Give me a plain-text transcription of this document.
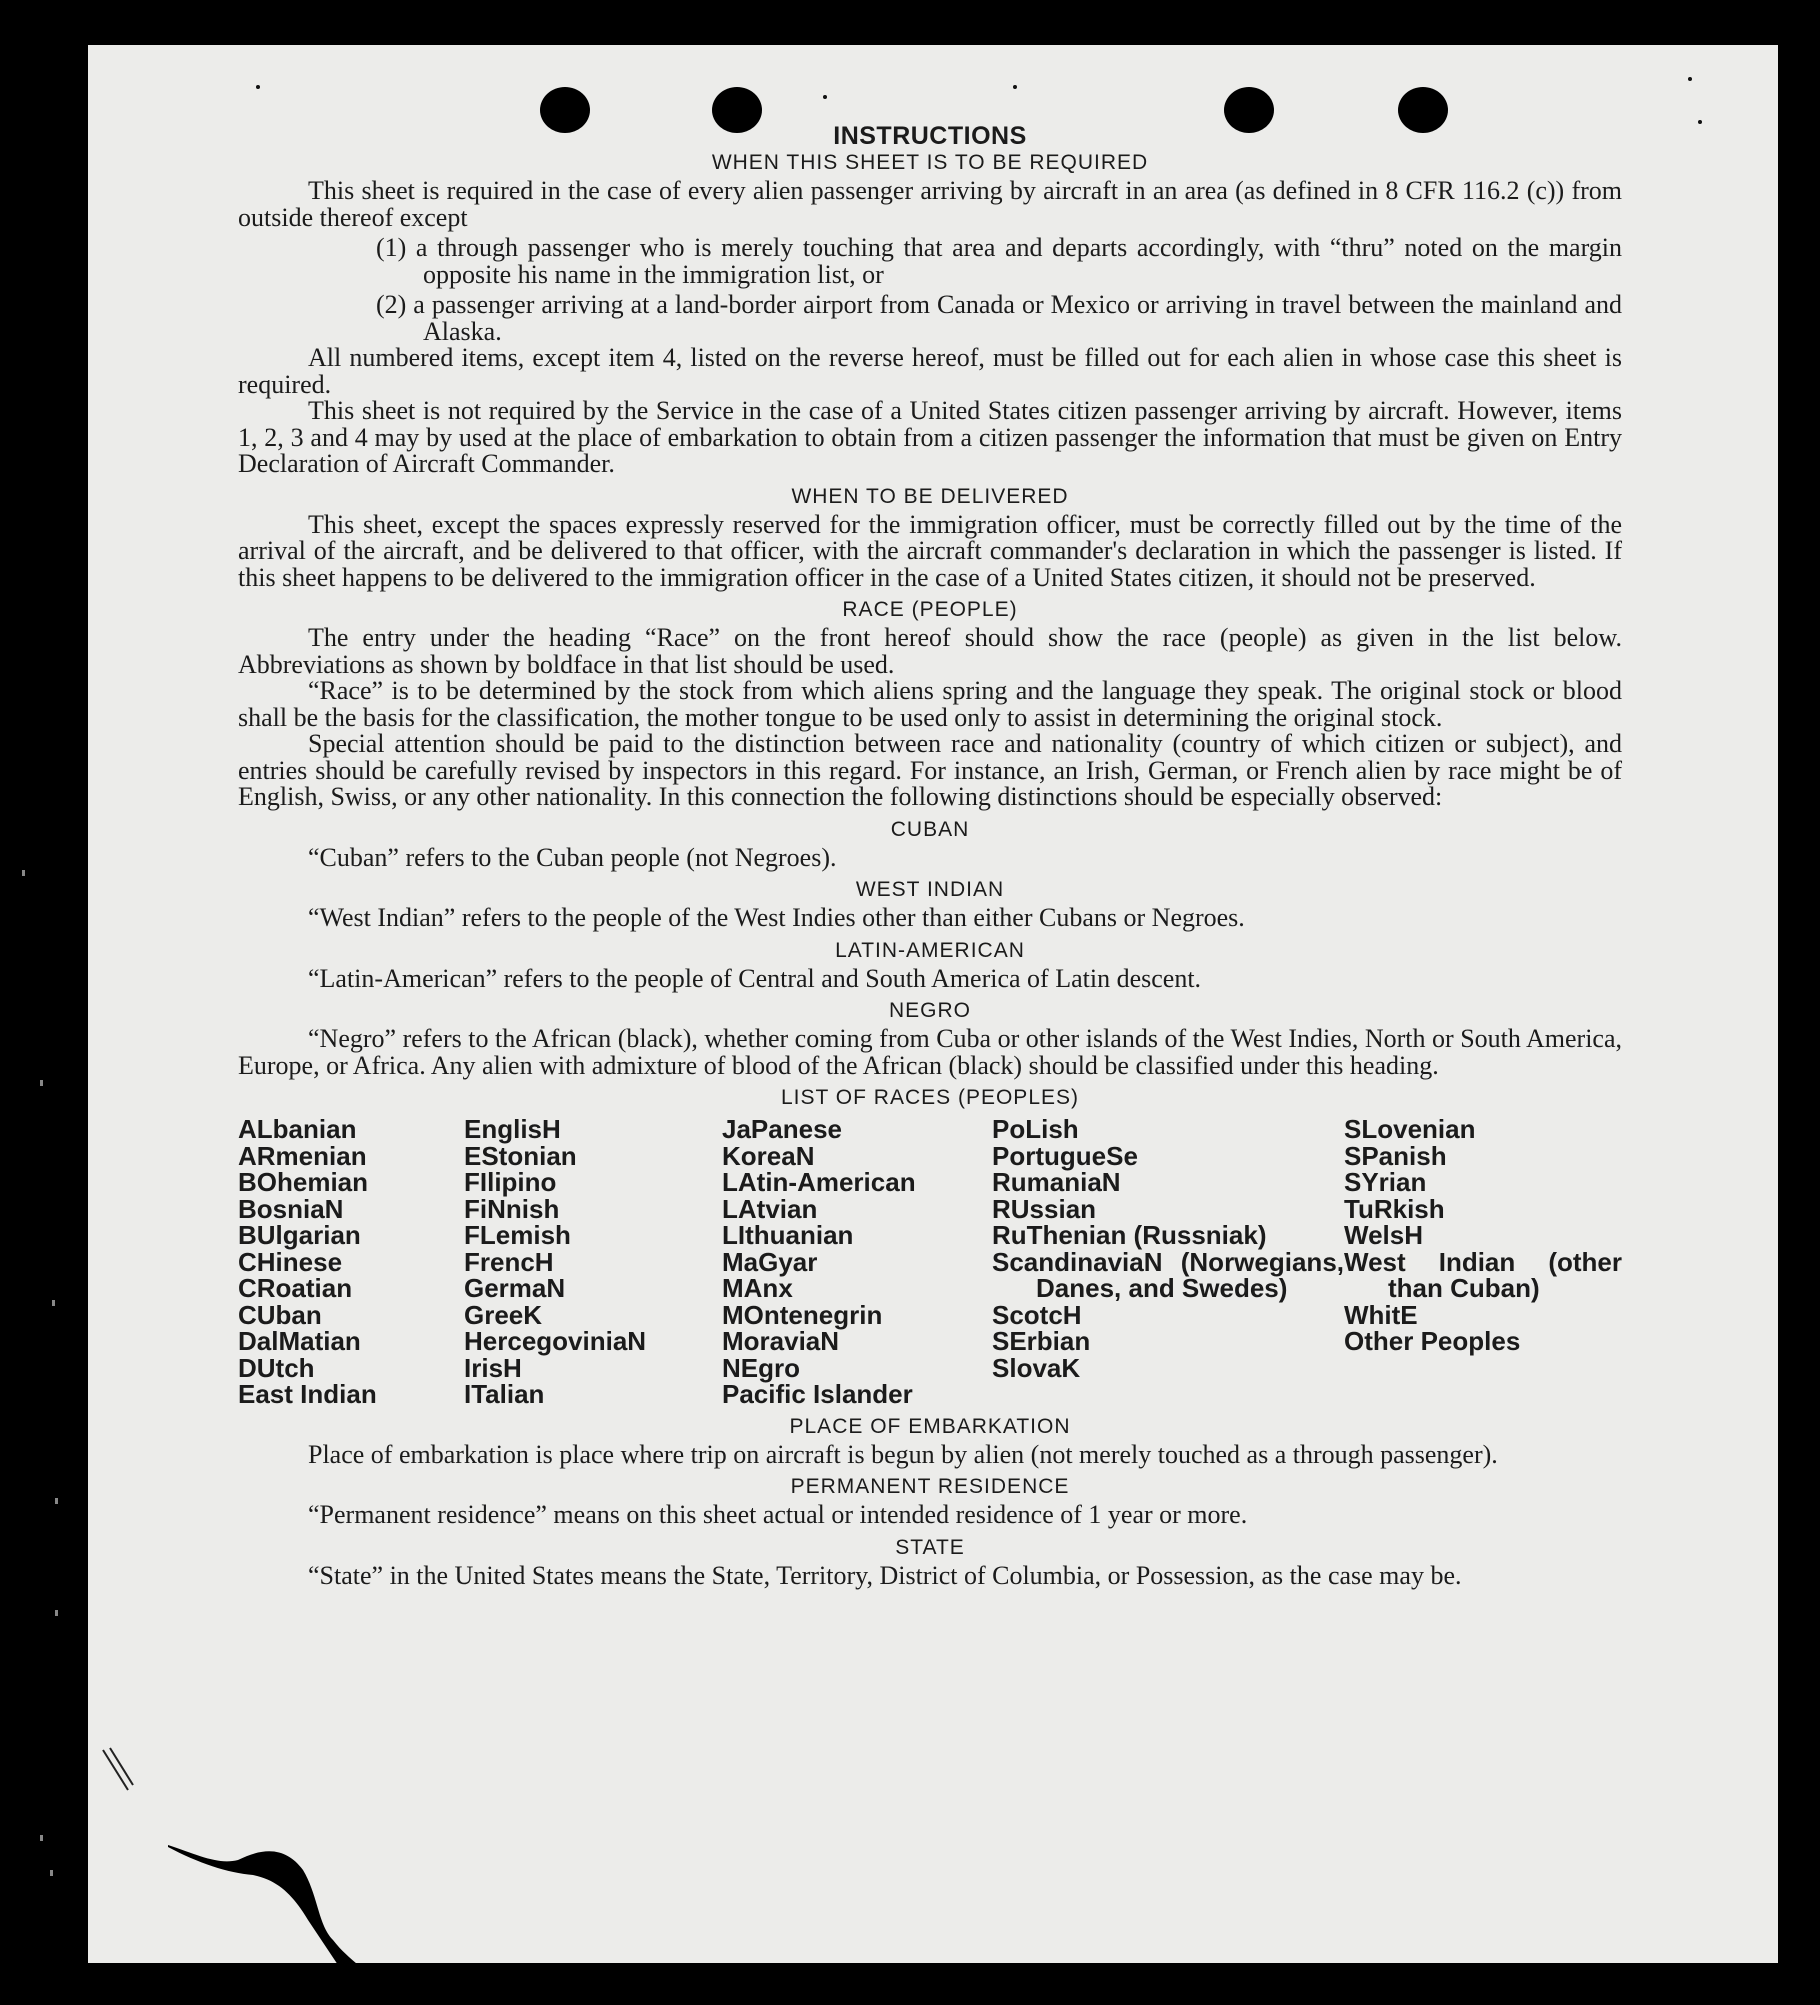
INSTRUCTIONS
WHEN THIS SHEET IS TO BE REQUIRED

This sheet is required in the case of every alien passenger arriving by aircraft in an area (as defined in 8 CFR 116.2 (c)) from outside thereof except

(1) a through passenger who is merely touching that area and departs accordingly, with “thru” noted on the margin opposite his name in the immigration list, or
(2) a passenger arriving at a land-border airport from Canada or Mexico or arriving in travel between the mainland and Alaska.

All numbered items, except item 4, listed on the reverse hereof, must be filled out for each alien in whose case this sheet is required.

This sheet is not required by the Service in the case of a United States citizen passenger arriving by aircraft. However, items 1, 2, 3 and 4 may by used at the place of embarkation to obtain from a citizen passenger the information that must be given on Entry Declaration of Aircraft Commander.

WHEN TO BE DELIVERED

This sheet, except the spaces expressly reserved for the immigration officer, must be correctly filled out by the time of the arrival of the aircraft, and be delivered to that officer, with the aircraft commander's declaration in which the passenger is listed. If this sheet happens to be delivered to the immigration officer in the case of a United States citizen, it should not be preserved.

RACE (PEOPLE)

The entry under the heading “Race” on the front hereof should show the race (people) as given in the list below. Abbreviations as shown by boldface in that list should be used.

“Race” is to be determined by the stock from which aliens spring and the language they speak. The original stock or blood shall be the basis for the classification, the mother tongue to be used only to assist in determining the original stock.

Special attention should be paid to the distinction between race and nationality (country of which citizen or subject), and entries should be carefully revised by inspectors in this regard. For instance, an Irish, German, or French alien by race might be of English, Swiss, or any other nationality. In this connection the following distinctions should be especially observed:

CUBAN

“Cuban” refers to the Cuban people (not Negroes).

WEST INDIAN

“West Indian” refers to the people of the West Indies other than either Cubans or Negroes.

LATIN-AMERICAN

“Latin-American” refers to the people of Central and South America of Latin descent.

NEGRO

“Negro” refers to the African (black), whether coming from Cuba or other islands of the West Indies, North or South America, Europe, or Africa. Any alien with admixture of blood of the African (black) should be classified under this heading.

LIST OF RACES (PEOPLES)
ALbanian
ARmenian
BOhemian
BosniaN
BUlgarian
CHinese
CRoatian
CUban
DalMatian
DUtch
East Indian
EnglisH
EStonian
FIlipino
FiNnish
FLemish
FrencH
GermaN
GreeK
HercegoviniaN
IrisH
ITalian
JaPanese
KoreaN
LAtin-American
LAtvian
LIthuanian
MaGyar
MAnx
MOntenegrin
MoraviaN
NEgro
Pacific Islander
PoLish
PortugueSe
RumaniaN
RUssian
RuThenian (Russniak)
ScandinaviaN (Norwegians, Danes, and Swedes)
ScotcH
SErbian
SlovaK
SLovenian
SPanish
SYrian
TuRkish
WelsH
West Indian (other than Cuban)
WhitE
Other Peoples
PLACE OF EMBARKATION

Place of embarkation is place where trip on aircraft is begun by alien (not merely touched as a through passenger).

PERMANENT RESIDENCE

“Permanent residence” means on this sheet actual or intended residence of 1 year or more.

STATE

“State” in the United States means the State, Territory, District of Columbia, or Possession, as the case may be.
